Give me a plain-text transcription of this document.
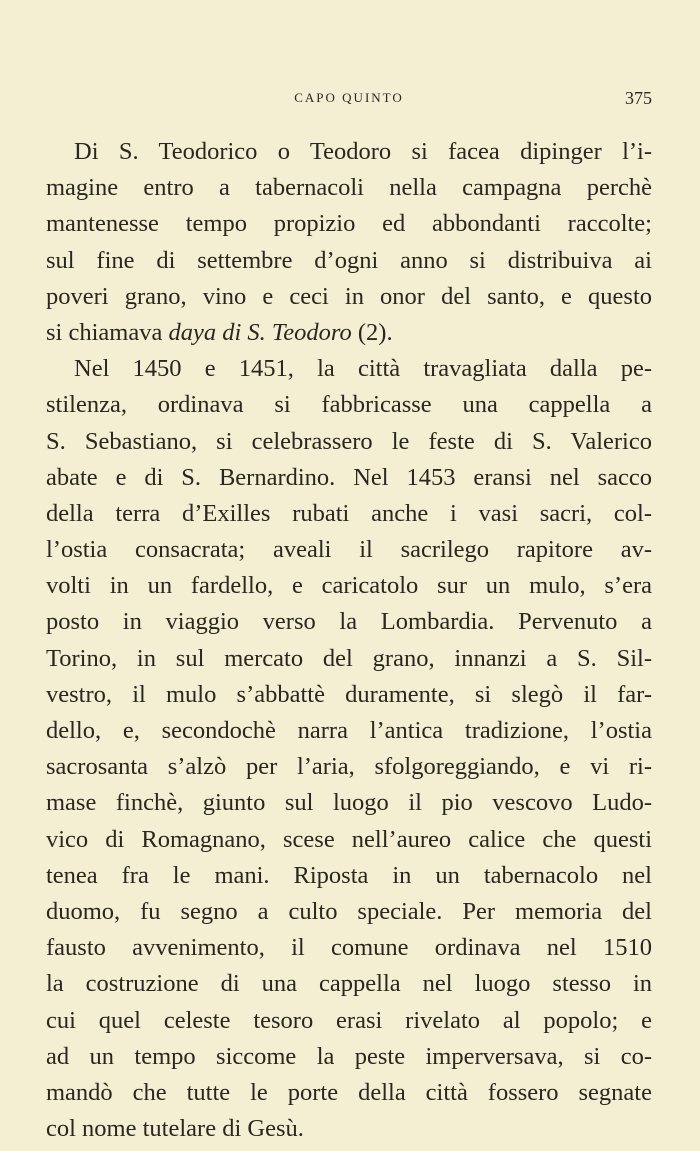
CAPO QUINTO	375
Di S. Teodorico o Teodoro si facea dipinger l’i-
magine entro a tabernacoli nella campagna perchè
mantenesse tempo propizio ed abbondanti raccolte;
sul fine di settembre d’ogni anno si distribuiva ai
poveri grano, vino e ceci in onor del santo, e questo
si chiamava daya di S. Teodoro (2).
Nel 1450 e 1451, la città travagliata dalla pe-
stilenza, ordinava si fabbricasse una cappella a
S. Sebastiano, si celebrassero le feste di S. Valerico
abate e di S. Bernardino. Nel 1453 eransi nel sacco
della terra d’Exilles rubati anche i vasi sacri, col-
l’ostia consacrata; aveali il sacrilego rapitore av-
volti in un fardello, e caricatolo sur un mulo, s’era
posto in viaggio verso la Lombardia. Pervenuto a
Torino, in sul mercato del grano, innanzi a S. Sil-
vestro, il mulo s’abbattè duramente, si slegò il far-
dello, e, secondochè narra l’antica tradizione, l’ostia
sacrosanta s’alzò per l’aria, sfolgoreggiando, e vi ri-
mase finchè, giunto sul luogo il pio vescovo Ludo-
vico di Romagnano, scese nell’aureo calice che questi
tenea fra le mani. Riposta in un tabernacolo nel
duomo, fu segno a culto speciale. Per memoria del
fausto avvenimento, il comune ordinava nel 1510
la costruzione di una cappella nel luogo stesso in
cui quel celeste tesoro erasi rivelato al popolo; e
ad un tempo siccome la peste imperversava, si co-
mandò che tutte le porte della città fossero segnate
col nome tutelare di Gesù.
